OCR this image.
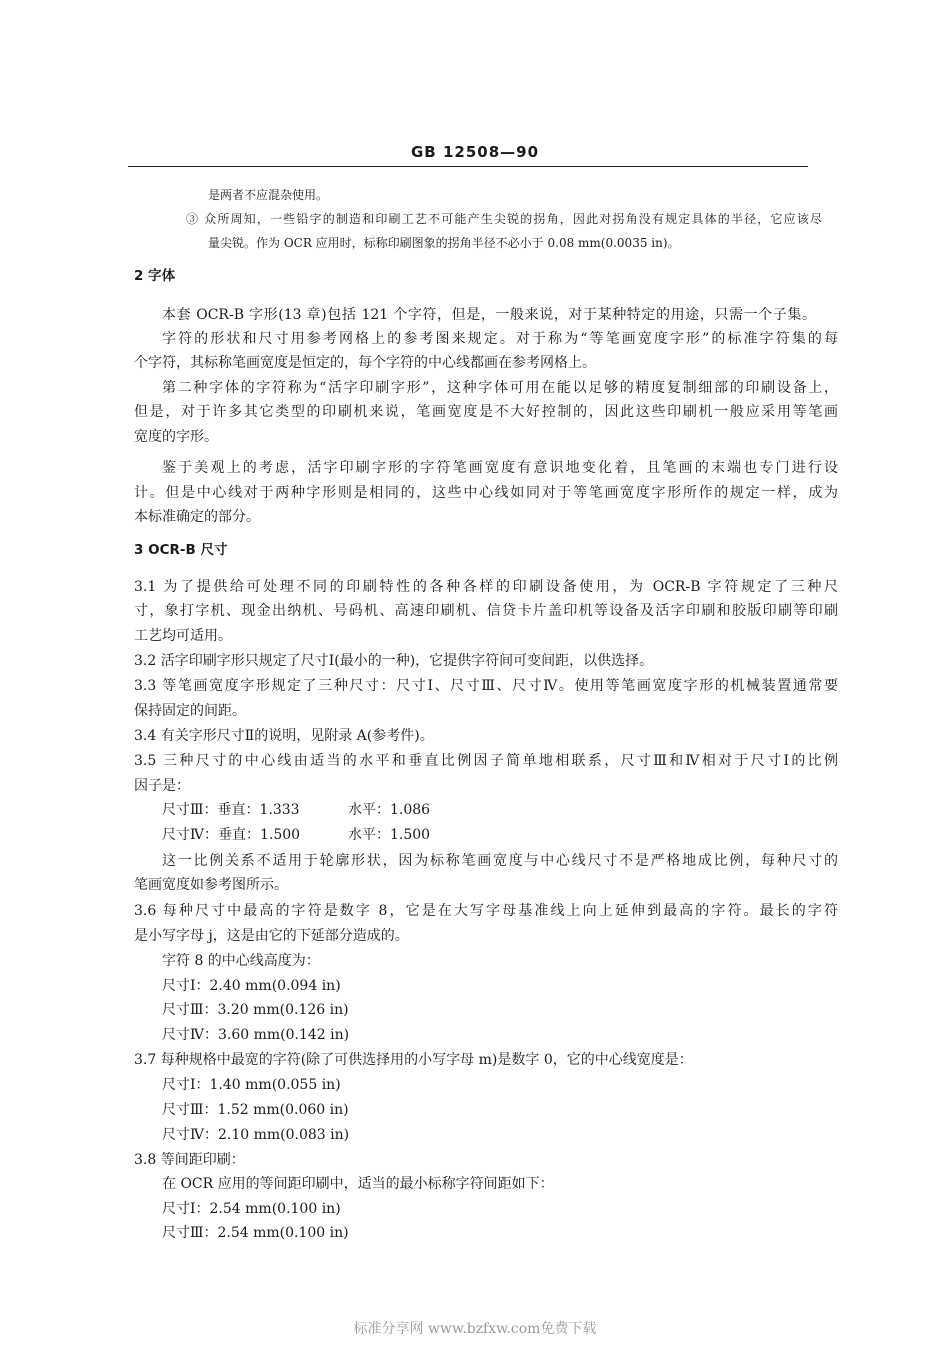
GB 12508—90
是两者不应混杂使用。
③ 众所周知，一些铅字的制造和印刷工艺不可能产生尖锐的拐角，因此对拐角没有规定具体的半径，它应该尽
量尖锐。作为 OCR 应用时，标称印刷图象的拐角半径不必小于 0.08 mm(0.0035 in)。
2 字体
本套 OCR-B 字形(13 章)包括 121 个字符，但是，一般来说，对于某种特定的用途，只需一个子集。
字符的形状和尺寸用参考网格上的参考图来规定。对于称为“等笔画宽度字形”的标准字符集的每
个字符，其标称笔画宽度是恒定的，每个字符的中心线都画在参考网格上。
第二种字体的字符称为“活字印刷字形”，这种字体可用在能以足够的精度复制细部的印刷设备上，
但是，对于许多其它类型的印刷机来说，笔画宽度是不大好控制的，因此这些印刷机一般应采用等笔画
宽度的字形。
鉴于美观上的考虑，活字印刷字形的字符笔画宽度有意识地变化着，且笔画的末端也专门进行设
计。但是中心线对于两种字形则是相同的，这些中心线如同对于等笔画宽度字形所作的规定一样，成为
本标准确定的部分。
3 OCR-B 尺寸
3.1 为了提供给可处理不同的印刷特性的各种各样的印刷设备使用，为 OCR-B 字符规定了三种尺
寸，象打字机、现金出纳机、号码机、高速印刷机、信贷卡片盖印机等设备及活字印刷和胶版印刷等印刷
工艺均可适用。
3.2 活字印刷字形只规定了尺寸Ⅰ(最小的一种)，它提供字符间可变间距，以供选择。
3.3 等笔画宽度字形规定了三种尺寸：尺寸Ⅰ、尺寸Ⅲ、尺寸Ⅳ。使用等笔画宽度字形的机械装置通常要
保持固定的间距。
3.4 有关字形尺寸Ⅱ的说明，见附录 A(参考件)。
3.5 三种尺寸的中心线由适当的水平和垂直比例因子简单地相联系，尺寸Ⅲ和Ⅳ相对于尺寸Ⅰ的比例
因子是：
尺寸Ⅲ：垂直：1.333	水平：1.086
尺寸Ⅳ：垂直：1.500	水平：1.500
这一比例关系不适用于轮廓形状，因为标称笔画宽度与中心线尺寸不是严格地成比例，每种尺寸的
笔画宽度如参考图所示。
3.6 每种尺寸中最高的字符是数字 8，它是在大写字母基准线上向上延伸到最高的字符。最长的字符
是小写字母 j，这是由它的下延部分造成的。
字符 8 的中心线高度为：
尺寸Ⅰ：2.40 mm(0.094 in)
尺寸Ⅲ：3.20 mm(0.126 in)
尺寸Ⅳ：3.60 mm(0.142 in)
3.7 每种规格中最宽的字符(除了可供选择用的小写字母 m)是数字 0，它的中心线宽度是：
尺寸Ⅰ：1.40 mm(0.055 in)
尺寸Ⅲ：1.52 mm(0.060 in)
尺寸Ⅳ：2.10 mm(0.083 in)
3.8 等间距印刷：
在 OCR 应用的等间距印刷中，适当的最小标称字符间距如下：
尺寸Ⅰ：2.54 mm(0.100 in)
尺寸Ⅲ：2.54 mm(0.100 in)
标准分享网 www.bzfxw.com免费下载
